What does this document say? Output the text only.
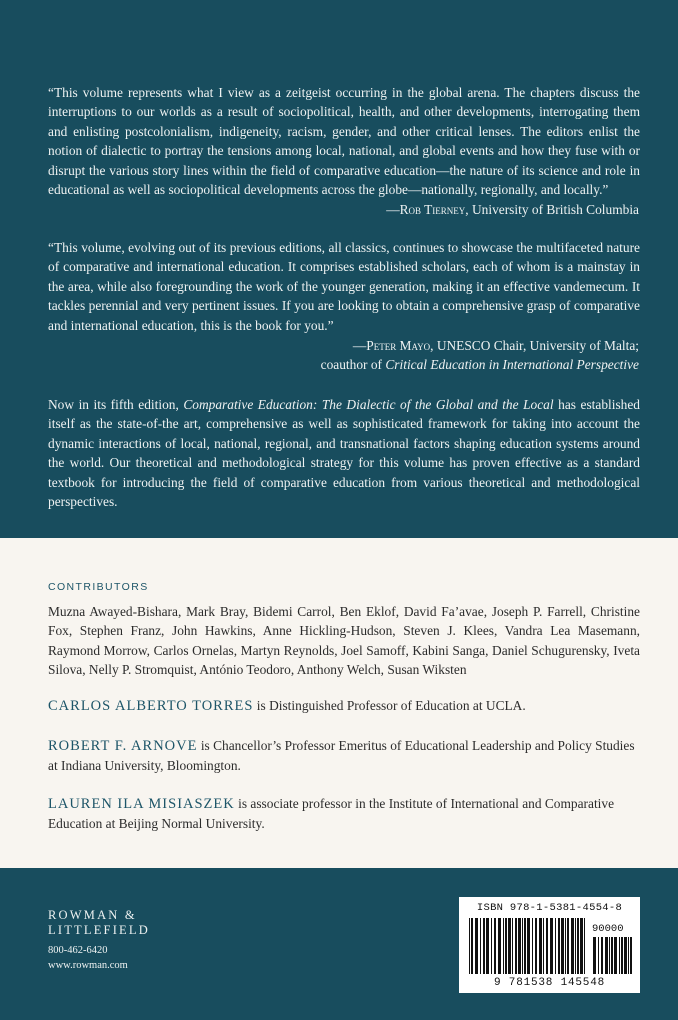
“This volume represents what I view as a zeitgeist occurring in the global arena. The chapters discuss the interruptions to our worlds as a result of sociopolitical, health, and other developments, interrogating them and enlisting postcolonialism, indigeneity, racism, gender, and other critical lenses. The editors enlist the notion of dialectic to portray the tensions among local, national, and global events and how they fuse with or disrupt the various story lines within the field of comparative education—the nature of its science and role in educational as well as sociopolitical developments across the globe—nationally, regionally, and locally.”

—Rob Tierney, University of British Columbia

“This volume, evolving out of its previous editions, all classics, continues to showcase the multifaceted nature of comparative and international education. It comprises established scholars, each of whom is a mainstay in the area, while also foregrounding the work of the younger generation, making it an effective vandemecum. It tackles perennial and very pertinent issues. If you are looking to obtain a comprehensive grasp of comparative and international education, this is the book for you.”

—Peter Mayo, UNESCO Chair, University of Malta;

coauthor of Critical Education in International Perspective

Now in its fifth edition, Comparative Education: The Dialectic of the Global and the Local has established itself as the state-of-the art, comprehensive as well as sophisticated framework for taking into account the dynamic interactions of local, national, regional, and transnational factors shaping education systems around the world. Our theoretical and methodological strategy for this volume has proven effective as a standard textbook for introducing the field of comparative education from various theoretical and methodological perspectives.

CONTRIBUTORS

Muzna Awayed-Bishara, Mark Bray, Bidemi Carrol, Ben Eklof, David Fa’avae, Joseph P. Farrell, Christine Fox, Stephen Franz, John Hawkins, Anne Hickling-Hudson, Steven J. Klees, Vandra Lea Masemann, Raymond Morrow, Carlos Ornelas, Martyn Reynolds, Joel Samoff, Kabini Sanga, Daniel Schugurensky, Iveta Silova, Nelly P. Stromquist, António Teodoro, Anthony Welch, Susan Wiksten

CARLOS ALBERTO TORRES is Distinguished Professor of Education at UCLA.

ROBERT F. ARNOVE is Chancellor’s Professor Emeritus of Educational Leadership and Policy Studies at Indiana University, Bloomington.

LAUREN ILA MISIASZEK is associate professor in the Institute of International and Comparative Education at Beijing Normal University.

ROWMAN &
LITTLEFIELD
800-462-6420
www.rowman.com
ISBN 978-1-5381-4554-8
90000
9 781538 145548
